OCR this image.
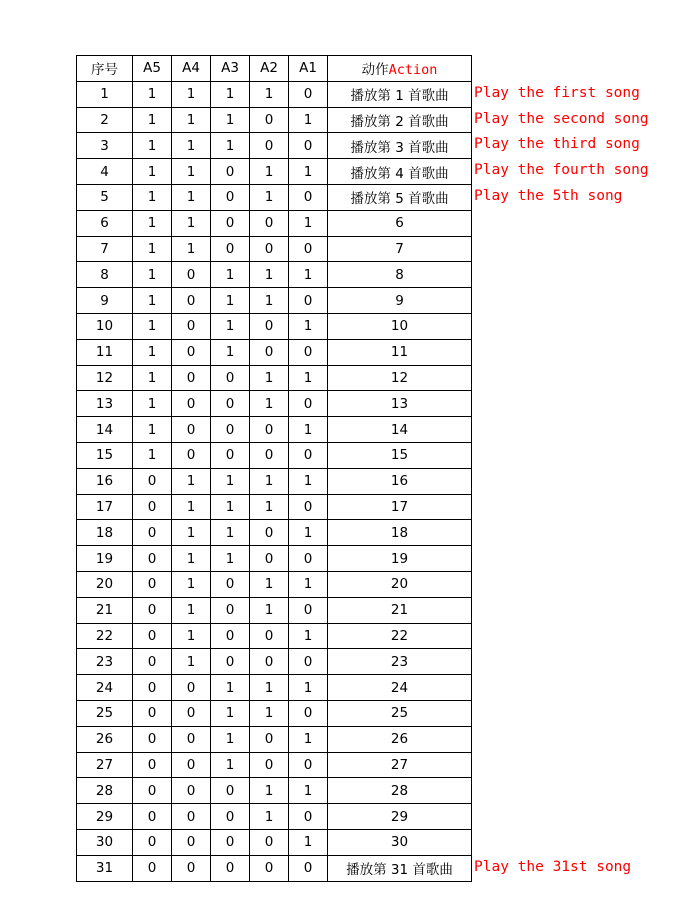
序号	A5	A4	A3	A2	A1	动作Action
1	1	1	1	1	0	播放第 1 首歌曲
2	1	1	1	0	1	播放第 2 首歌曲
3	1	1	1	0	0	播放第 3 首歌曲
4	1	1	0	1	1	播放第 4 首歌曲
5	1	1	0	1	0	播放第 5 首歌曲
6	1	1	0	0	1	6
7	1	1	0	0	0	7
8	1	0	1	1	1	8
9	1	0	1	1	0	9
10	1	0	1	0	1	10
11	1	0	1	0	0	11
12	1	0	0	1	1	12
13	1	0	0	1	0	13
14	1	0	0	0	1	14
15	1	0	0	0	0	15
16	0	1	1	1	1	16
17	0	1	1	1	0	17
18	0	1	1	0	1	18
19	0	1	1	0	0	19
20	0	1	0	1	1	20
21	0	1	0	1	0	21
22	0	1	0	0	1	22
23	0	1	0	0	0	23
24	0	0	1	1	1	24
25	0	0	1	1	0	25
26	0	0	1	0	1	26
27	0	0	1	0	0	27
28	0	0	0	1	1	28
29	0	0	0	1	0	29
30	0	0	0	0	1	30
31	0	0	0	0	0	播放第 31 首歌曲
Play the first song
Play the second song
Play the third song
Play the fourth song
Play the 5th song
Play the 31st song
